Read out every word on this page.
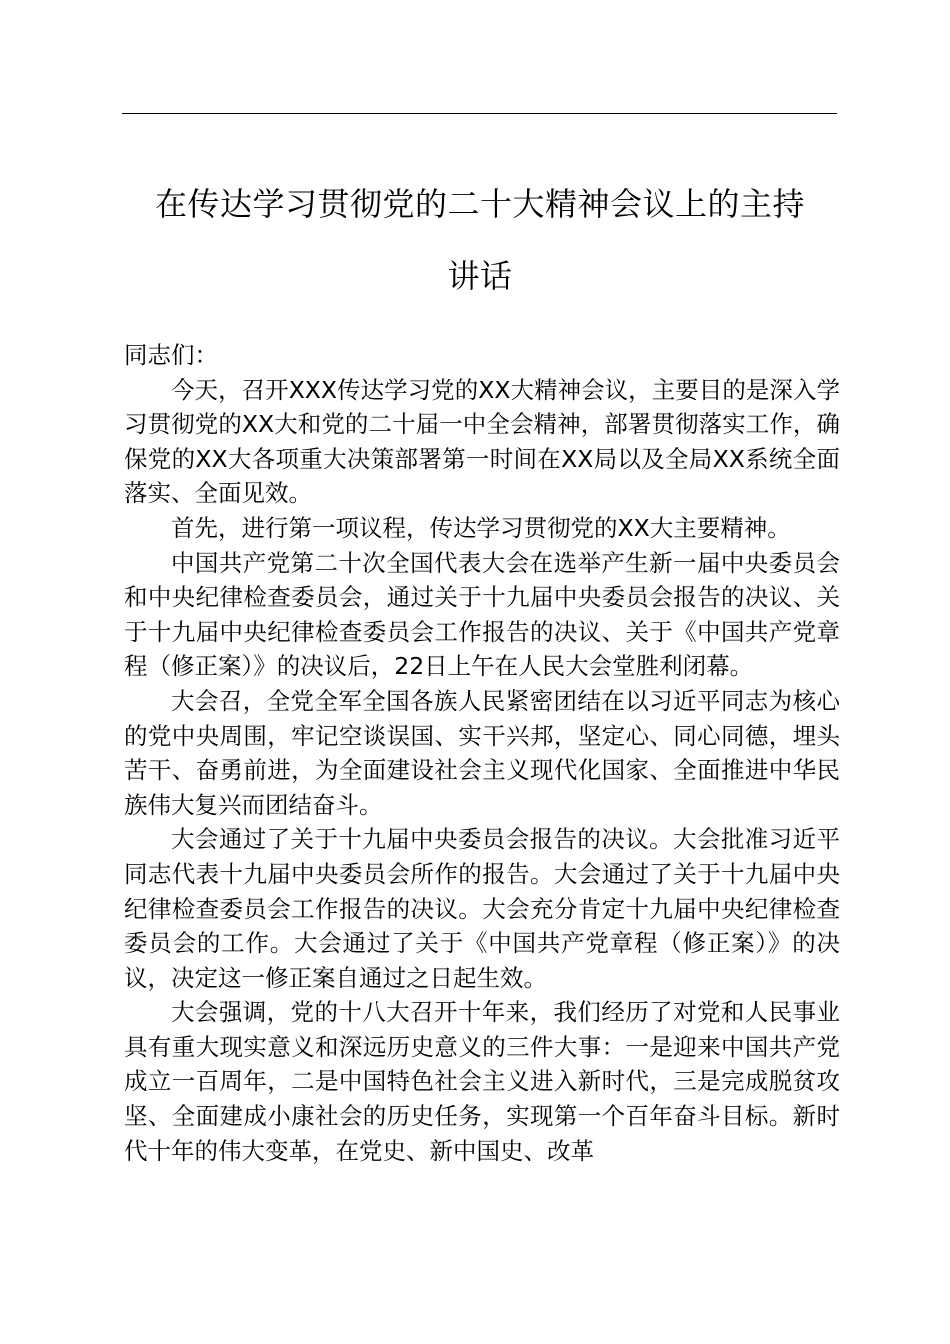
在传达学习贯彻党的二十大精神会议上的主持
讲话

同志们：

今天，召开XXX传达学习党的XX大精神会议，主要目的是深入学习贯彻党的XX大和党的二十届一中全会精神，部署贯彻落实工作，确保党的XX大各项重大决策部署第一时间在XX局以及全局XX系统全面落实、全面见效。

首先，进行第一项议程，传达学习贯彻党的XX大主要精神。

中国共产党第二十次全国代表大会在选举产生新一届中央委员会和中央纪律检查委员会，通过关于十九届中央委员会报告的决议、关于十九届中央纪律检查委员会工作报告的决议、关于《中国共产党章程（修正案）》的决议后，22日上午在人民大会堂胜利闭幕。

大会召，全党全军全国各族人民紧密团结在以习近平同志为核心的党中央周围，牢记空谈误国、实干兴邦，坚定心、同心同德，埋头苦干、奋勇前进，为全面建设社会主义现代化国家、全面推进中华民族伟大复兴而团结奋斗。

大会通过了关于十九届中央委员会报告的决议。大会批准习近平同志代表十九届中央委员会所作的报告。大会通过了关于十九届中央纪律检查委员会工作报告的决议。大会充分肯定十九届中央纪律检查委员会的工作。大会通过了关于《中国共产党章程（修正案）》的决议，决定这一修正案自通过之日起生效。

大会强调，党的十八大召开十年来，我们经历了对党和人民事业具有重大现实意义和深远历史意义的三件大事：一是迎来中国共产党成立一百周年，二是中国特色社会主义进入新时代，三是完成脱贫攻坚、全面建成小康社会的历史任务，实现第一个百年奋斗目标。新时代十年的伟大变革，在党史、新中国史、改革
